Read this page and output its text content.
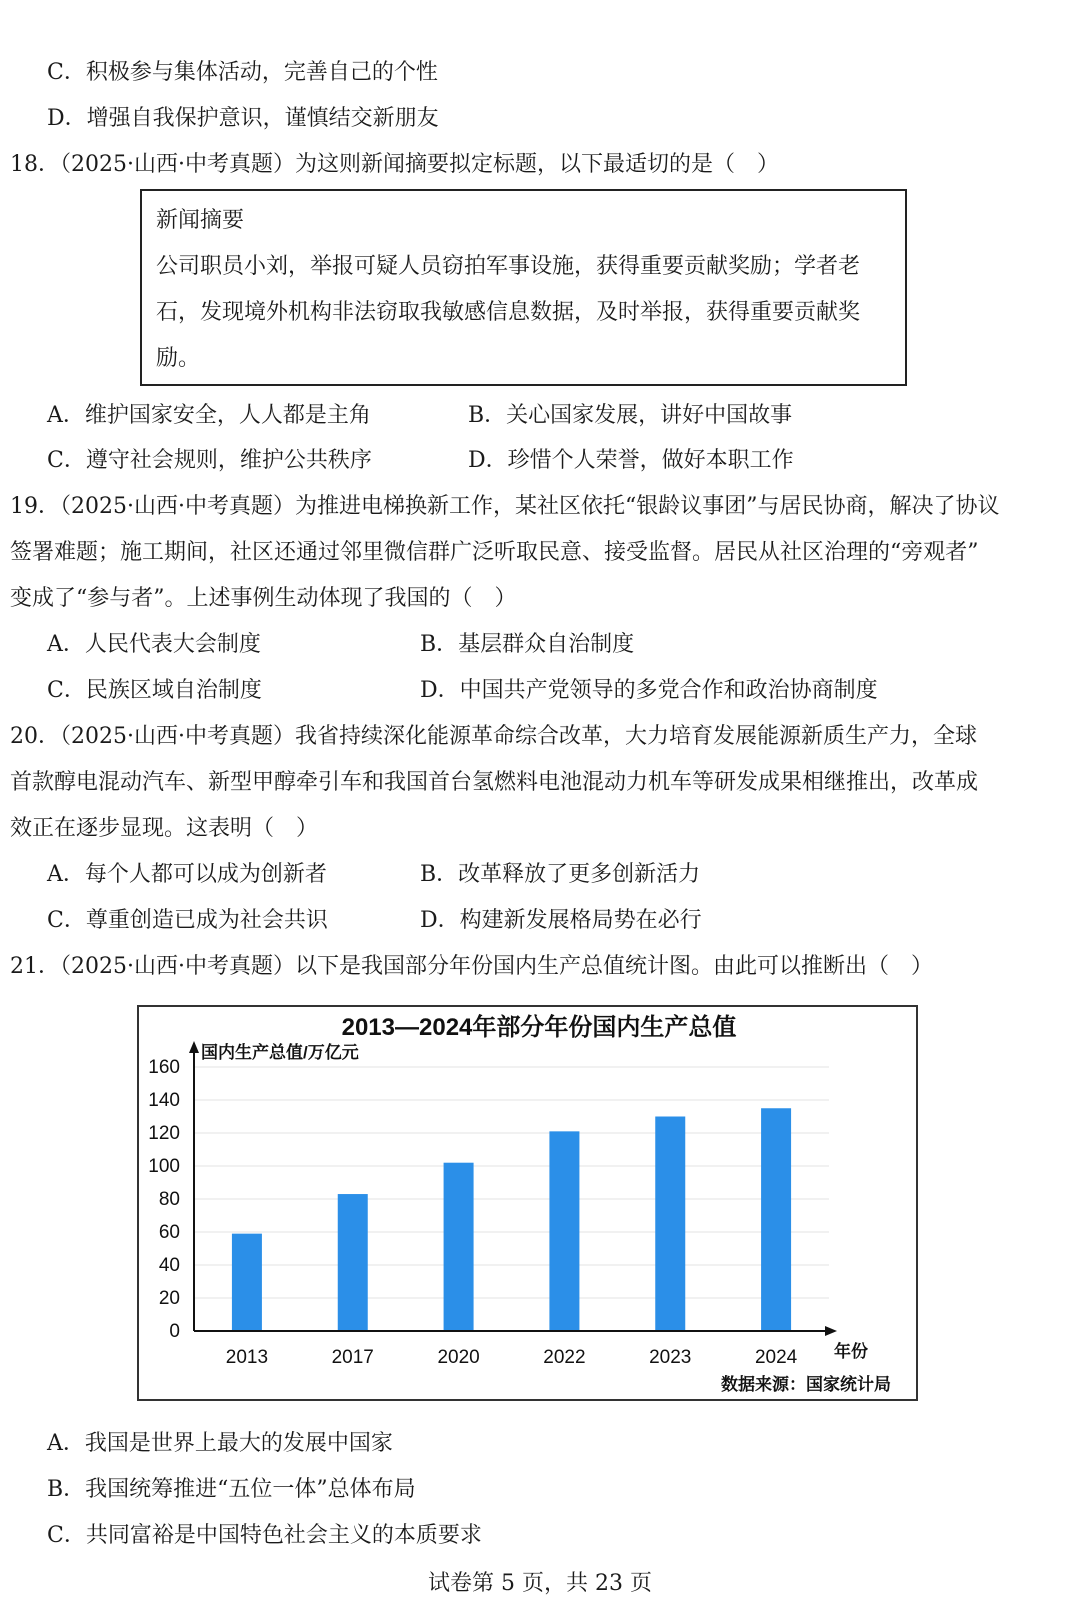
C．积极参与集体活动，完善自己的个性
D．增强自我保护意识，谨慎结交新朋友
18．（2025·山西·中考真题）为这则新闻摘要拟定标题，以下最适切的是（　）
新闻摘要
公司职员小刘，举报可疑人员窃拍军事设施，获得重要贡献奖励；学者老
石，发现境外机构非法窃取我敏感信息数据，及时举报，获得重要贡献奖
励。
A．维护国家安全，人人都是主角	B．关心国家发展，讲好中国故事
C．遵守社会规则，维护公共秩序	D．珍惜个人荣誉，做好本职工作
19．（2025·山西·中考真题）为推进电梯换新工作，某社区依托“银龄议事团”与居民协商，解决了协议
签署难题；施工期间，社区还通过邻里微信群广泛听取民意、接受监督。居民从社区治理的“旁观者”
变成了“参与者”。上述事例生动体现了我国的（　）
A．人民代表大会制度	B．基层群众自治制度
C．民族区域自治制度	D．中国共产党领导的多党合作和政治协商制度
20．（2025·山西·中考真题）我省持续深化能源革命综合改革，大力培育发展能源新质生产力，全球
首款醇电混动汽车、新型甲醇牵引车和我国首台氢燃料电池混动力机车等研发成果相继推出，改革成
效正在逐步显现。这表明（　）
A．每个人都可以成为创新者	B．改革释放了更多创新活力
C．尊重创造已成为社会共识	D．构建新发展格局势在必行
21．（2025·山西·中考真题）以下是我国部分年份国内生产总值统计图。由此可以推断出（　）
2013—2024年部分年份国内生产总值
国内生产总值/万亿元
年份
数据来源：国家统计局
0
20
40
60
80
100
120
140
160
2013	2017	2020	2022	2023	2024
A．我国是世界上最大的发展中国家
B．我国统筹推进“五位一体”总体布局
C．共同富裕是中国特色社会主义的本质要求
试卷第 5 页，共 23 页
